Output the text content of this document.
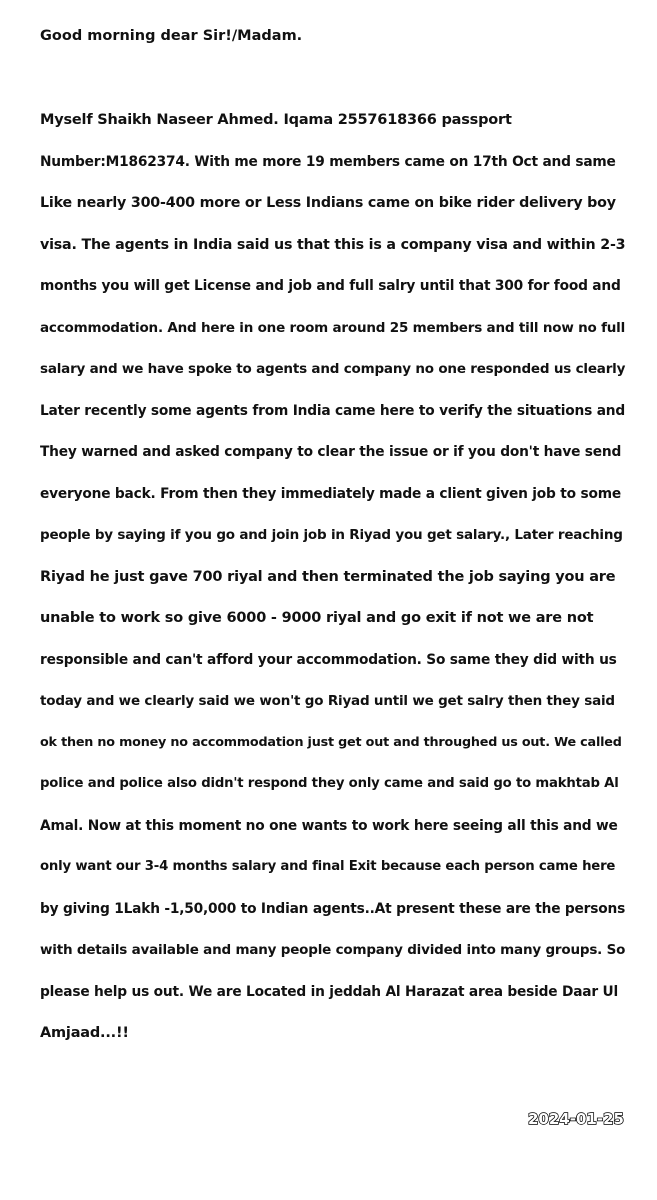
Good morning dear Sir!/Madam.
Myself Shaikh Naseer Ahmed. Iqama 2557618366 passport
Number:M1862374. With me more 19 members came on 17th Oct and same
Like nearly 300-400 more or Less Indians came on bike rider delivery boy
visa. The agents in India said us that this is a company visa and within 2-3
months you will get License and job and full salry until that 300 for food and
accommodation. And here in one room around 25 members and till now no full
salary and we have spoke to agents and company no one responded us clearly
Later recently some agents from India came here to verify the situations and
They warned and asked company to clear the issue or if you don't have send
everyone back. From then they immediately made a client given job to some
people by saying if you go and join job in Riyad you get salary., Later reaching
Riyad he just gave 700 riyal and then terminated the job saying you are
unable to work so give 6000 - 9000 riyal and go exit if not we are not
responsible and can't afford your accommodation. So same they did with us
today and we clearly said we won't go Riyad until we get salry then they said
ok then no money no accommodation just get out and throughed us out. We called
police and police also didn't respond they only came and said go to makhtab Al
Amal. Now at this moment no one wants to work here seeing all this and we
only want our 3-4 months salary and final Exit because each person came here
by giving 1Lakh -1,50,000 to Indian agents..At present these are the persons
with details available and many people company divided into many groups. So
please help us out. We are Located in jeddah Al Harazat area beside Daar Ul
Amjaad...!!
2024-01-25
